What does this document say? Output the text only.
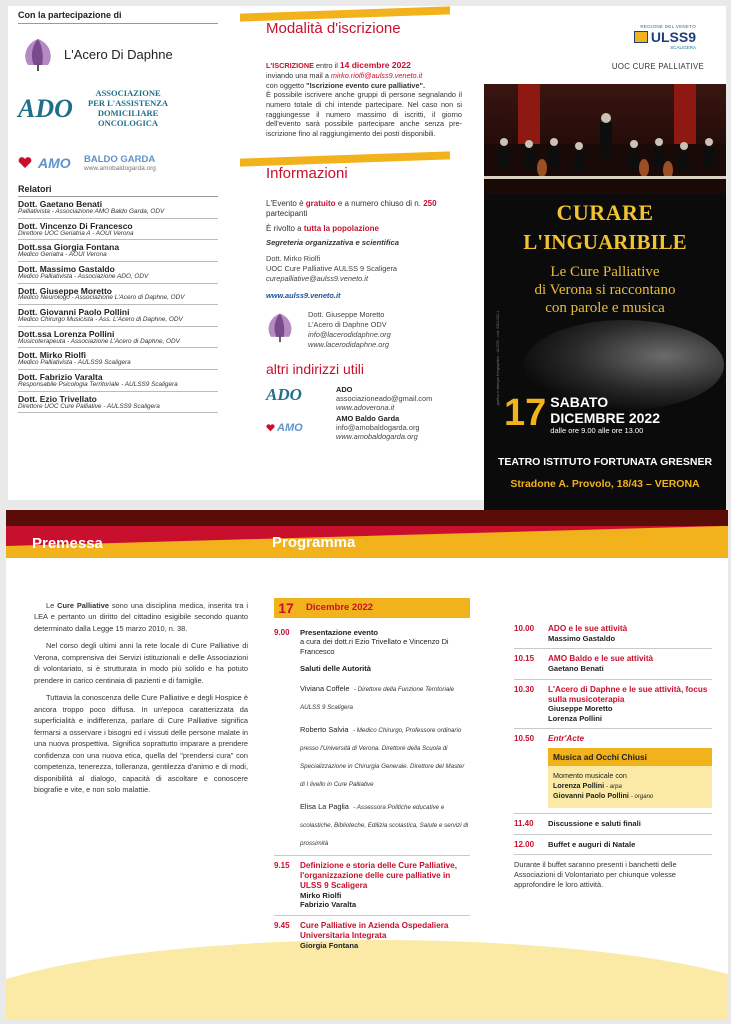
Con la partecipazione di
L'Acero Di Daphne
ADO
ASSOCIAZIONE
PER L'ASSISTENZA
DOMICILIARE
ONCOLOGICA
AMO	BALDO GARDA
www.amobaldogarda.org
Relatori
Dott. Gaetano Benati
Palliativista - Associazione AMO Baldo Garda, ODV
Dott. Vincenzo Di Francesco
Direttore UOC Geriatria A - AOUI Verona
Dott.ssa Giorgia Fontana
Medico Geriatra - AOUI Verona
Dott. Massimo Gastaldo
Medico Palliativista - Associazione ADO, ODV
Dott. Giuseppe Moretto
Medico Neurologo - Associazione L'Acero di Daphne, ODV
Dott. Giovanni Paolo Pollini
Medico Chirurgo Musicista - Ass. L'Acero di Daphne, ODV
Dott.ssa Lorenza Pollini
Musicoterapeuta - Associazione L'Acero di Daphne, ODV
Dott. Mirko Riolfi
Medico Palliativista - AULSS9 Scaligera
Dott. Fabrizio Varalta
Responsabile Psicologia Territoriale - AULSS9 Scaligera
Dott. Ezio Trivellato
Direttore UOC Cure Palliative - AULSS9 Scaligera
Modalità d'iscrizione
L'ISCRIZIONE entro il 14 dicembre 2022
inviando una mail a mirko.riolfi@aulss9.veneto.it
con oggetto "Iscrizione evento cure palliative".
È possibile iscrivere anche gruppi di persone segnalando il numero totale di chi intende partecipare. Nel caso non si raggiungesse il numero massimo di iscritti, il giorno dell'evento sarà possibile partecipare anche senza pre-iscrizione fino al raggiungimento dei posti disponibili.
Informazioni
L'Evento è gratuito e a numero chiuso di n. 250 partecipanti
È rivolto a tutta la popolazione
Segreteria organizzativa e scientifica
Dott. Mirko Riolfi
UOC Cure Palliative AULSS 9 Scaligera
curepalliative@aulss9.veneto.it
www.aulss9.veneto.it
Dott. Giuseppe Moretto
L'Acero di Daphne ODV
info@lacerodidaphne.org
www.lacerodidaphne.org
altri indirizzi utili
ADO	ADO
associazioneado@gmail.com
www.adoverona.it
AMO
AMO Baldo Garda
info@amobaldogarda.org
www.amobaldogarda.org
REGIONE DEL VENETO
ULSS9
SCALIGERA
UOC CURE PALLIATIVE
CURARE
L'INGUARIBILE
Le Cure Palliative
di Verona si raccontano
con parole e musica
grafica e stampa Hergraphics - ULSS9 - cod. 0001402-1
17 SABATO
DICEMBRE 2022
dalle ore 9.00 alle ore 13.00
TEATRO ISTITUTO FORTUNATA GRESNER
Stradone A. Provolo, 18/43 – VERONA
Premessa	Programma

Le Cure Palliative sono una disciplina medica, inserita tra i LEA e pertanto un diritto del cittadino esigibile secondo quanto determinato dalla Legge 15 marzo 2010, n. 38.

Nel corso degli ultimi anni la rete locale di Cure Palliative di Verona, comprensiva dei Servizi istituzionali e delle Associazioni di volontariato, si è strutturata in modo più solido e ha potuto prendere in carico centinaia di pazienti e di famiglie.

Tuttavia la conoscenza delle Cure Palliative e degli Hospice è ancora troppo poco diffusa. In un'epoca caratterizzata da superficialità e indifferenza, parlare di Cure Palliative significa fermarsi a osservare i bisogni ed i vissuti delle persone malate in una nuova prospettiva. Significa soprattutto imparare a prendere confidenza con una nuova etica, quella del "prendersi cura" con competenza, tenerezza, tolleranza, gentilezza d'animo e di modi, disponibilità al dialogo, capacità di ascoltare e conoscere biografie e vite, e non solo malattie.

17	Dicembre 2022
9.00	Presentazione evento
a cura dei dott.ri Ezio Trivellato e Vincenzo Di Francesco
Saluti delle Autorità
Viviana Coffele - Direttore della Funzione Territoriale AULSS 9 Scaligera
Roberto Salvia - Medico Chirurgo, Professore ordinario presso l'Università di Verona. Direttore della Scuola di Specializzazione in Chirurgia Generale. Direttore del Master di I livello in Cure Palliative
Elisa La Paglia - Assessora Politiche educative e scolastiche, Biblioteche, Edilizia scolastica, Salute e servizi di prossimità
9.15	Definizione e storia delle Cure Palliative, l'organizzazione delle cure palliative in ULSS 9 Scaligera
Mirko Riolfi
Fabrizio Varalta
9.45	Cure Palliative in Azienda Ospedaliera Universitaria Integrata
Giorgia Fontana
10.00	ADO e le sue attività
Massimo Gastaldo
10.15	AMO Baldo e le sue attività
Gaetano Benati
10.30	L'Acero di Daphne e le sue attività, focus sulla musicoterapia
Giuseppe Moretto
Lorenza Pollini
10.50	Entr'Acte
Musica ad Occhi Chiusi
Momento musicale con
Lorenza Pollini - arpa
Giovanni Paolo Pollini - organo
11.40	Discussione e saluti finali
12.00	Buffet e auguri di Natale
Durante il buffet saranno presenti i banchetti delle Associazioni di Volontariato per chiunque volesse approfondire le loro attività.
